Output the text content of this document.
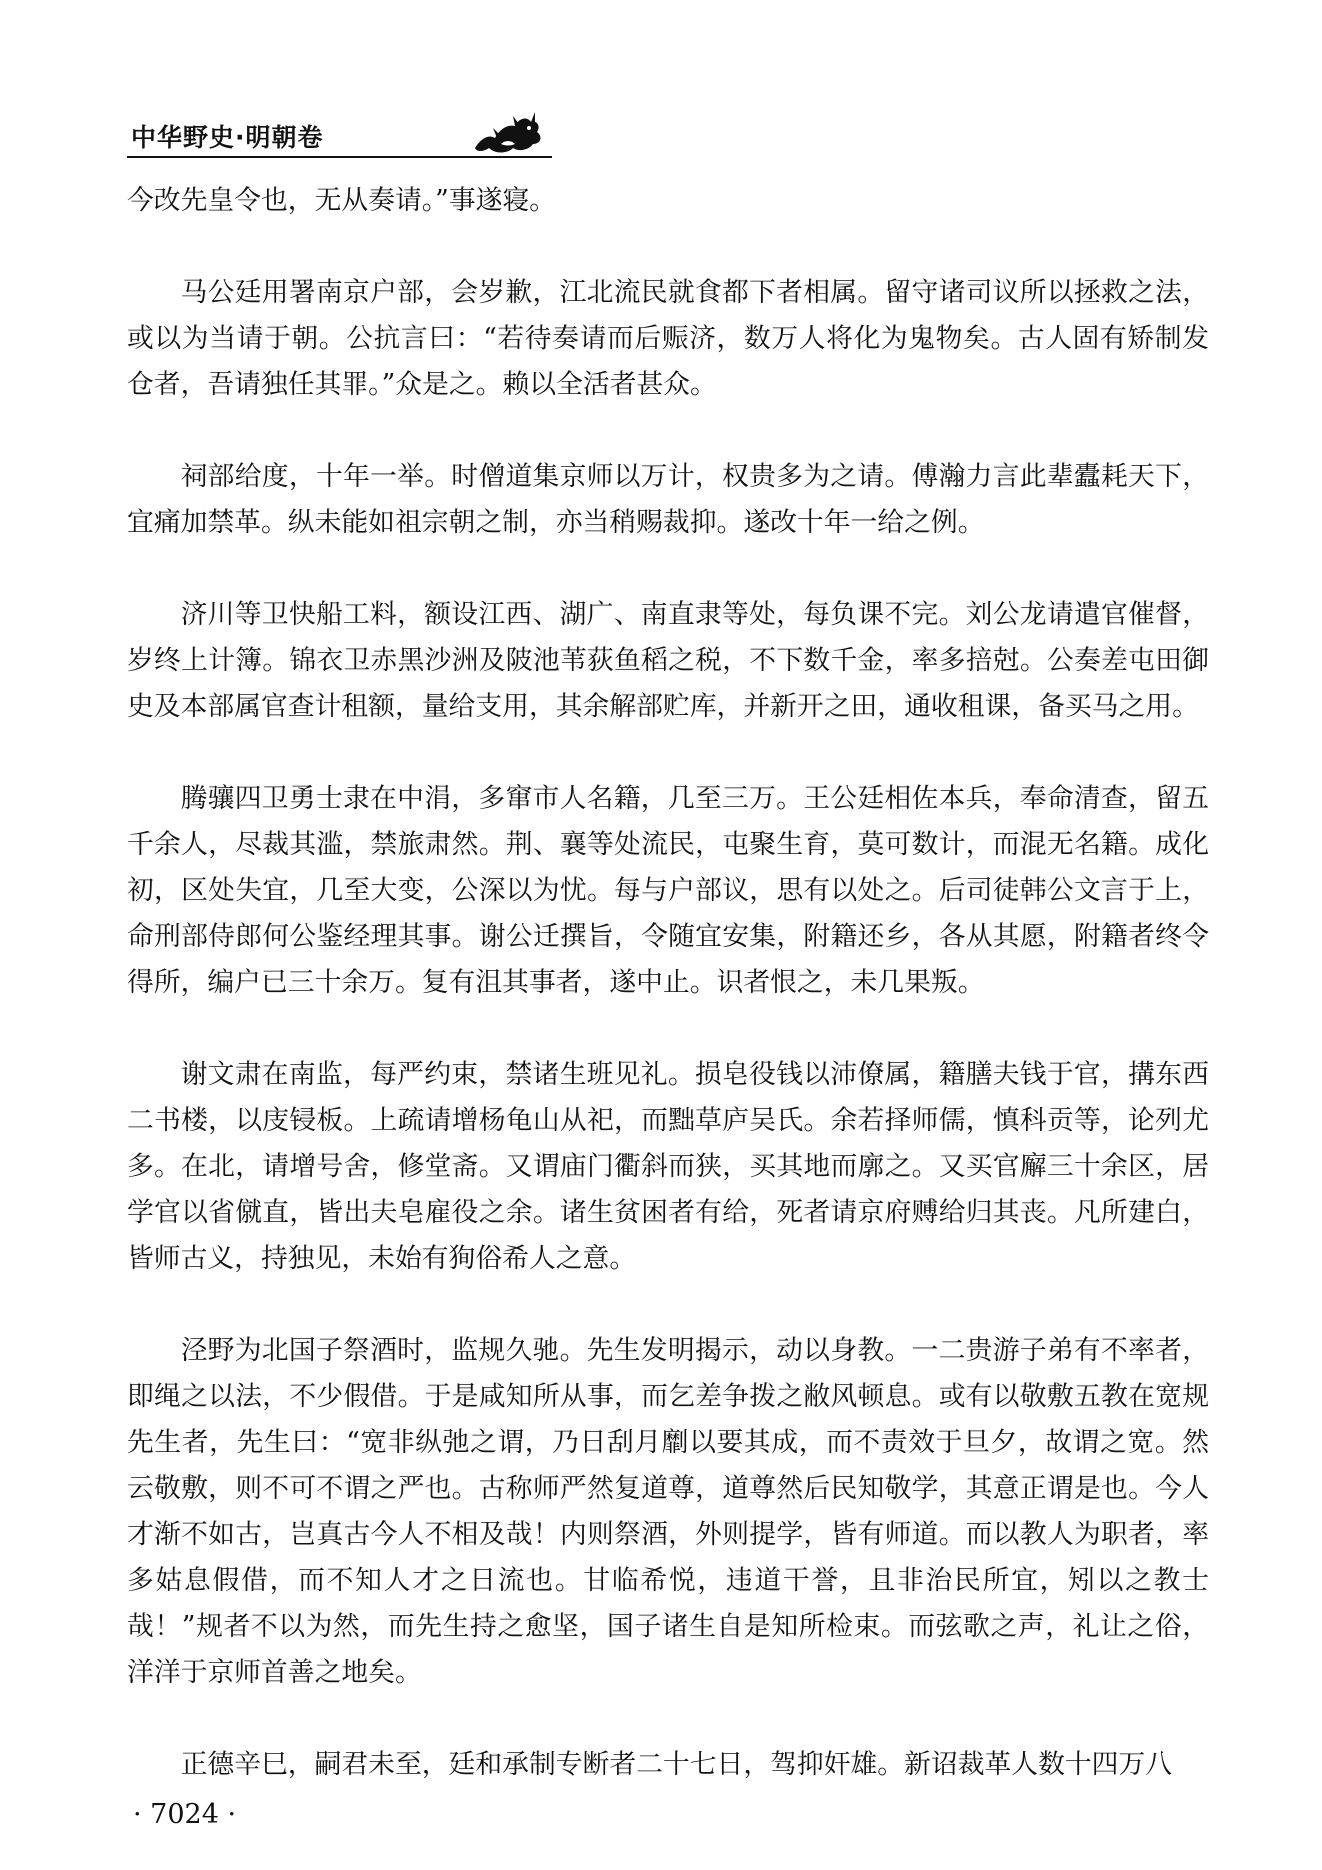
中华野史·明朝卷

今改先皇令也，无从奏请。”事遂寝。

马公廷用署南京户部，会岁歉，江北流民就食都下者相属。留守诸司议所以拯救之法，或以为当请于朝。公抗言曰：“若待奏请而后赈济，数万人将化为鬼物矣。古人固有矫制发仓者，吾请独任其罪。”众是之。赖以全活者甚众。

祠部给度，十年一举。时僧道集京师以万计，权贵多为之请。傅瀚力言此辈蠹耗天下，宜痛加禁革。纵未能如祖宗朝之制，亦当稍赐裁抑。遂改十年一给之例。

济川等卫快船工料，额设江西、湖广、南直隶等处，每负课不完。刘公龙请遣官催督，岁终上计簿。锦衣卫赤黑沙洲及陂池苇荻鱼稻之税，不下数千金，率多掊尅。公奏差屯田御史及本部属官查计租额，量给支用，其余解部贮库，并新开之田，通收租课，备买马之用。

腾骧四卫勇士隶在中涓，多窜市人名籍，几至三万。王公廷相佐本兵，奉命清查，留五千余人，尽裁其滥，禁旅肃然。荆、襄等处流民，屯聚生育，莫可数计，而混无名籍。成化初，区处失宜，几至大变，公深以为忧。每与户部议，思有以处之。后司徒韩公文言于上，命刑部侍郎何公鉴经理其事。谢公迁撰旨，令随宜安集，附籍还乡，各从其愿，附籍者终令得所，编户已三十余万。复有沮其事者，遂中止。识者恨之，未几果叛。

谢文肃在南监，每严约束，禁诸生班见礼。损皂役钱以沛僚属，籍膳夫钱于官，搆东西二书楼，以庋锓板。上疏请增杨龟山从祀，而黜草庐吴氏。余若择师儒，慎科贡等，论列尤多。在北，请增号舍，修堂斋。又谓庙门衢斜而狭，买其地而廓之。又买官廨三十余区，居学官以省僦直，皆出夫皂雇役之余。诸生贫困者有给，死者请京府赙给归其丧。凡所建白，皆师古义，持独见，未始有狥俗希人之意。

泾野为北国子祭酒时，监规久驰。先生发明揭示，动以身教。一二贵游子弟有不率者，即绳之以法，不少假借。于是咸知所从事，而乞差争拨之敝风顿息。或有以敬敷五教在宽规先生者，先生曰：“宽非纵弛之谓，乃日刮月劘以要其成，而不责效于旦夕，故谓之宽。然云敬敷，则不可不谓之严也。古称师严然复道尊，道尊然后民知敬学，其意正谓是也。今人才渐不如古，岂真古今人不相及哉！内则祭酒，外则提学，皆有师道。而以教人为职者，率多姑息假借，而不知人才之日流也。甘临希悦，违道干誉，且非治民所宜，矧以之教士哉！”规者不以为然，而先生持之愈坚，国子诸生自是知所检束。而弦歌之声，礼让之俗，洋洋于京师首善之地矣。

正德辛巳，嗣君未至，廷和承制专断者二十七日，驾抑奸雄。新诏裁革人数十四万八

· 7024 ·
